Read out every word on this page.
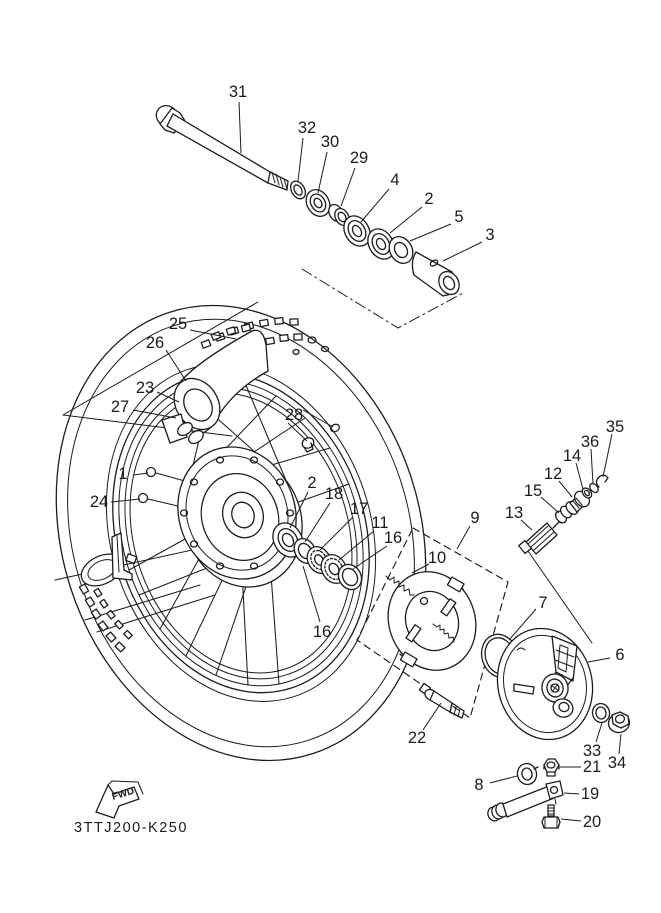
FWD
31
32
30
29
4
2
5
3
25
26
23
27	28
1
24
2
18
17
11
16
16
9
10
13
15
12
14
36
35
7
6
22
33
34
21
8	19
20
3TTJ200-K250
